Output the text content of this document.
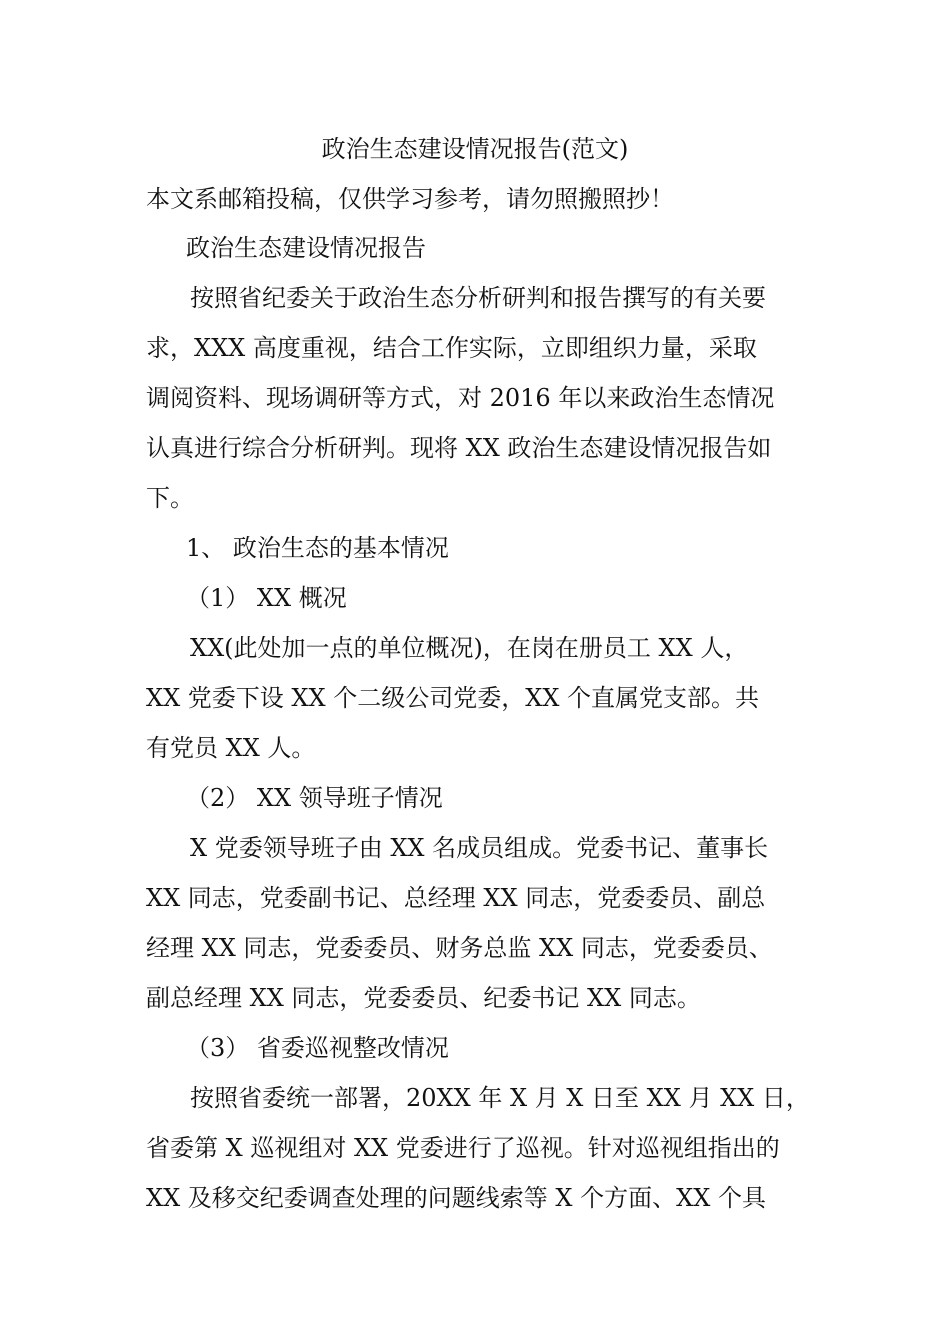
政治生态建设情况报告(范文)
本文系邮箱投稿，仅供学习参考，请勿照搬照抄！
政治生态建设情况报告
按照省纪委关于政治生态分析研判和报告撰写的有关要
求，XXX 高度重视，结合工作实际，立即组织力量，采取
调阅资料、现场调研等方式，对 2016 年以来政治生态情况
认真进行综合分析研判。现将 XX 政治生态建设情况报告如
下。
1、 政治生态的基本情况
（1） XX 概况
XX(此处加一点的单位概况)，在岗在册员工 XX 人，
XX 党委下设 XX 个二级公司党委，XX 个直属党支部。共
有党员 XX 人。
（2） XX 领导班子情况
X 党委领导班子由 XX 名成员组成。党委书记、董事长
XX 同志，党委副书记、总经理 XX 同志，党委委员、副总
经理 XX 同志，党委委员、财务总监 XX 同志，党委委员、
副总经理 XX 同志，党委委员、纪委书记 XX 同志。
（3） 省委巡视整改情况
按照省委统一部署，20XX 年 X 月 X 日至 XX 月 XX 日，
省委第 X 巡视组对 XX 党委进行了巡视。针对巡视组指出的
XX 及移交纪委调查处理的问题线索等 X 个方面、XX 个具
